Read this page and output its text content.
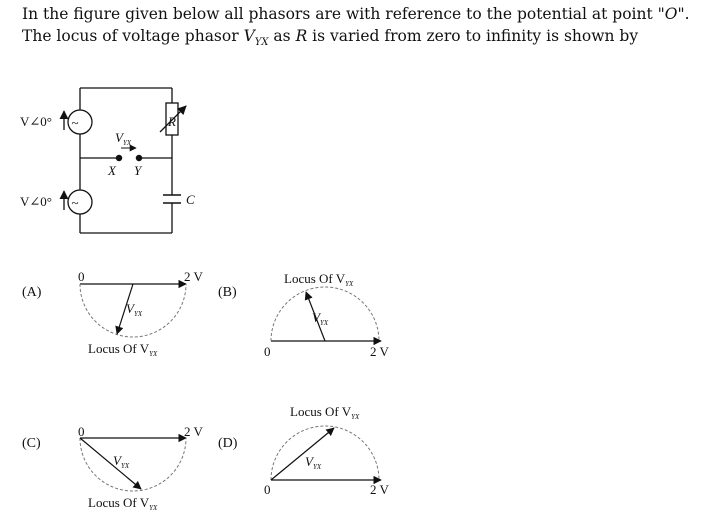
In the figure given below all phasors are with reference to the potential at point "O". The locus of voltage phasor $V_{YX}$ as R is varied from zero to infinity is shown by
~
~
V∠0°
V∠0°
R
C
X Y
$V_{YX}$
(A)
0	2 V
$V_{YX}$
Locus Of $V_{YX}$
(B)
Locus Of $V_{YX}$
$V_{YX}$
0	2 V
(C)
0	2 V
$V_{YX}$
Locus Of $V_{YX}$
(D)
Locus Of $V_{YX}$
$V_{YX}$
0	2 V
